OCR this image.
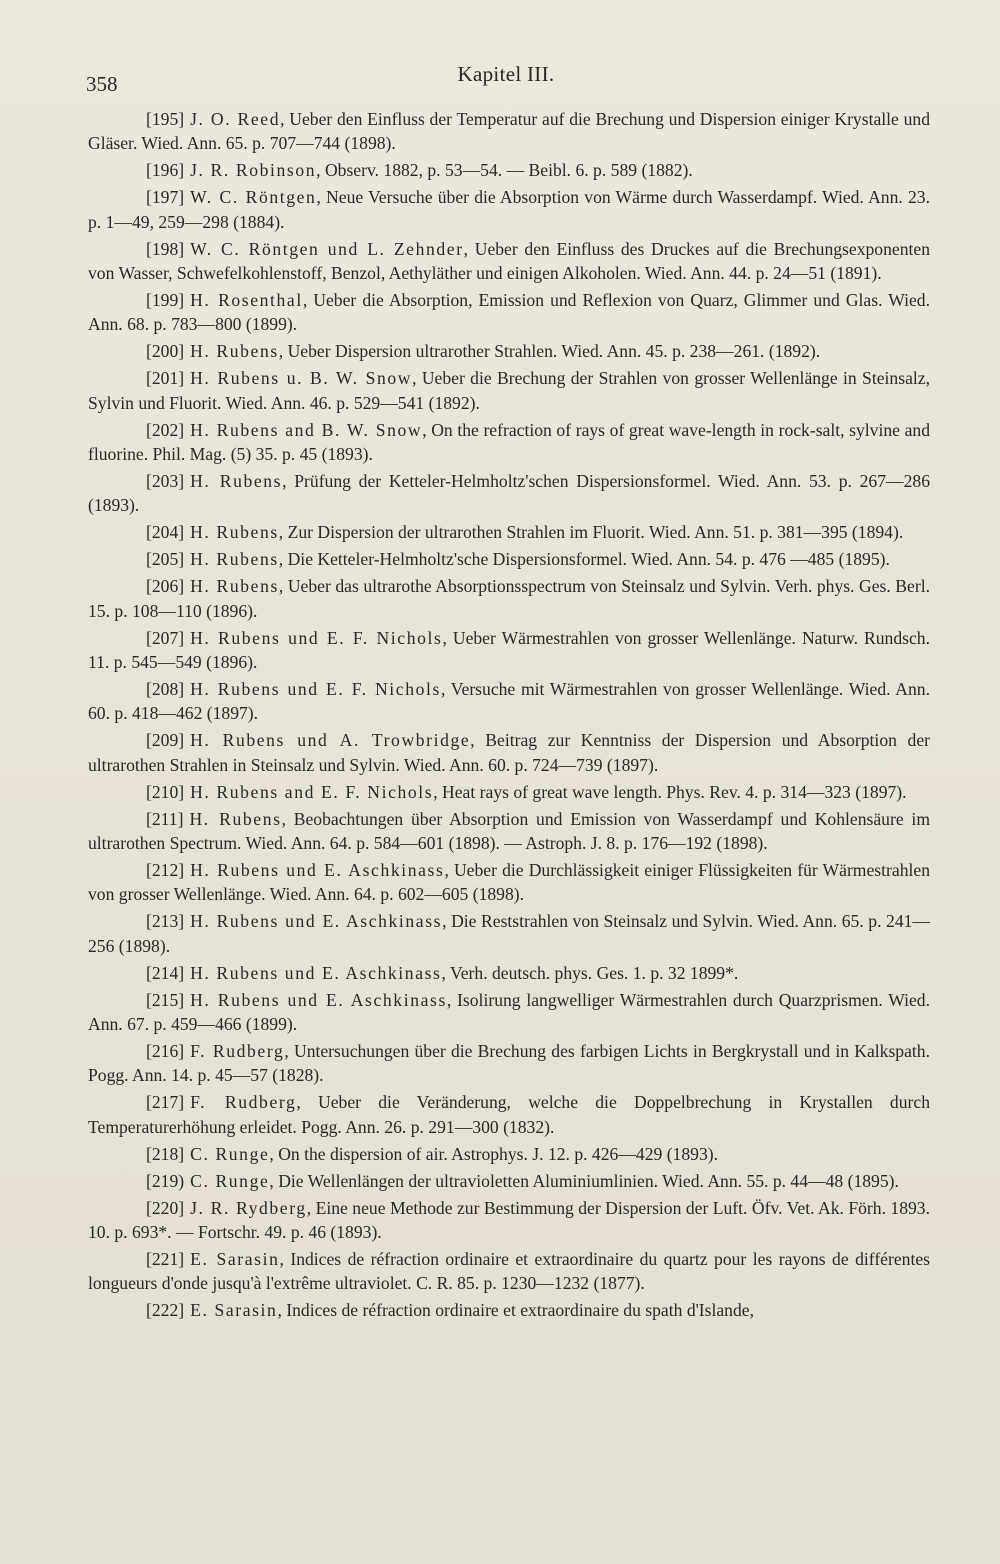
358	Kapitel III.

[195] J. O. Reed, Ueber den Einfluss der Temperatur auf die Brechung und Dispersion einiger Krystalle und Gläser. Wied. Ann. 65. p. 707—744 (1898).

[196] J. R. Robinson, Observ. 1882, p. 53—54. — Beibl. 6. p. 589 (1882).

[197] W. C. Röntgen, Neue Versuche über die Absorption von Wärme durch Wasserdampf. Wied. Ann. 23. p. 1—49, 259—298 (1884).

[198] W. C. Röntgen und L. Zehnder, Ueber den Einfluss des Druckes auf die Brechungsexponenten von Wasser, Schwefelkohlenstoff, Benzol, Aethyläther und einigen Alkoholen. Wied. Ann. 44. p. 24—51 (1891).

[199] H. Rosenthal, Ueber die Absorption, Emission und Reflexion von Quarz, Glimmer und Glas. Wied. Ann. 68. p. 783—800 (1899).

[200] H. Rubens, Ueber Dispersion ultrarother Strahlen. Wied. Ann. 45. p. 238—261. (1892).

[201] H. Rubens u. B. W. Snow, Ueber die Brechung der Strahlen von grosser Wellenlänge in Steinsalz, Sylvin und Fluorit. Wied. Ann. 46. p. 529—541 (1892).

[202] H. Rubens and B. W. Snow, On the refraction of rays of great wave-length in rock-salt, sylvine and fluorine. Phil. Mag. (5) 35. p. 45 (1893).

[203] H. Rubens, Prüfung der Ketteler-Helmholtz'schen Dispersionsformel. Wied. Ann. 53. p. 267—286 (1893).

[204] H. Rubens, Zur Dispersion der ultrarothen Strahlen im Fluorit. Wied. Ann. 51. p. 381—395 (1894).

[205] H. Rubens, Die Ketteler-Helmholtz'sche Dispersionsformel. Wied. Ann. 54. p. 476 —485 (1895).

[206] H. Rubens, Ueber das ultrarothe Absorptionsspectrum von Steinsalz und Sylvin. Verh. phys. Ges. Berl. 15. p. 108—110 (1896).

[207] H. Rubens und E. F. Nichols, Ueber Wärmestrahlen von grosser Wellenlänge. Naturw. Rundsch. 11. p. 545—549 (1896).

[208] H. Rubens und E. F. Nichols, Versuche mit Wärmestrahlen von grosser Wellenlänge. Wied. Ann. 60. p. 418—462 (1897).

[209] H. Rubens und A. Trowbridge, Beitrag zur Kenntniss der Dispersion und Absorption der ultrarothen Strahlen in Steinsalz und Sylvin. Wied. Ann. 60. p. 724—739 (1897).

[210] H. Rubens and E. F. Nichols, Heat rays of great wave length. Phys. Rev. 4. p. 314—323 (1897).

[211] H. Rubens, Beobachtungen über Absorption und Emission von Wasserdampf und Kohlensäure im ultrarothen Spectrum. Wied. Ann. 64. p. 584—601 (1898). — Astroph. J. 8. p. 176—192 (1898).

[212] H. Rubens und E. Aschkinass, Ueber die Durchlässigkeit einiger Flüssigkeiten für Wärmestrahlen von grosser Wellenlänge. Wied. Ann. 64. p. 602—605 (1898).

[213] H. Rubens und E. Aschkinass, Die Reststrahlen von Steinsalz und Sylvin. Wied. Ann. 65. p. 241—256 (1898).

[214] H. Rubens und E. Aschkinass, Verh. deutsch. phys. Ges. 1. p. 32 1899*.

[215] H. Rubens und E. Aschkinass, Isolirung langwelliger Wärmestrahlen durch Quarzprismen. Wied. Ann. 67. p. 459—466 (1899).

[216] F. Rudberg, Untersuchungen über die Brechung des farbigen Lichts in Bergkrystall und in Kalkspath. Pogg. Ann. 14. p. 45—57 (1828).

[217] F. Rudberg, Ueber die Veränderung, welche die Doppelbrechung in Krystallen durch Temperaturerhöhung erleidet. Pogg. Ann. 26. p. 291—300 (1832).

[218] C. Runge, On the dispersion of air. Astrophys. J. 12. p. 426—429 (1893).

[219) C. Runge, Die Wellenlängen der ultravioletten Aluminiumlinien. Wied. Ann. 55. p. 44—48 (1895).

[220] J. R. Rydberg, Eine neue Methode zur Bestimmung der Dispersion der Luft. Öfv. Vet. Ak. Förh. 1893. 10. p. 693*. — Fortschr. 49. p. 46 (1893).

[221] E. Sarasin, Indices de réfraction ordinaire et extraordinaire du quartz pour les rayons de différentes longueurs d'onde jusqu'à l'extrême ultraviolet. C. R. 85. p. 1230—1232 (1877).

[222] E. Sarasin, Indices de réfraction ordinaire et extraordinaire du spath d'Islande,
